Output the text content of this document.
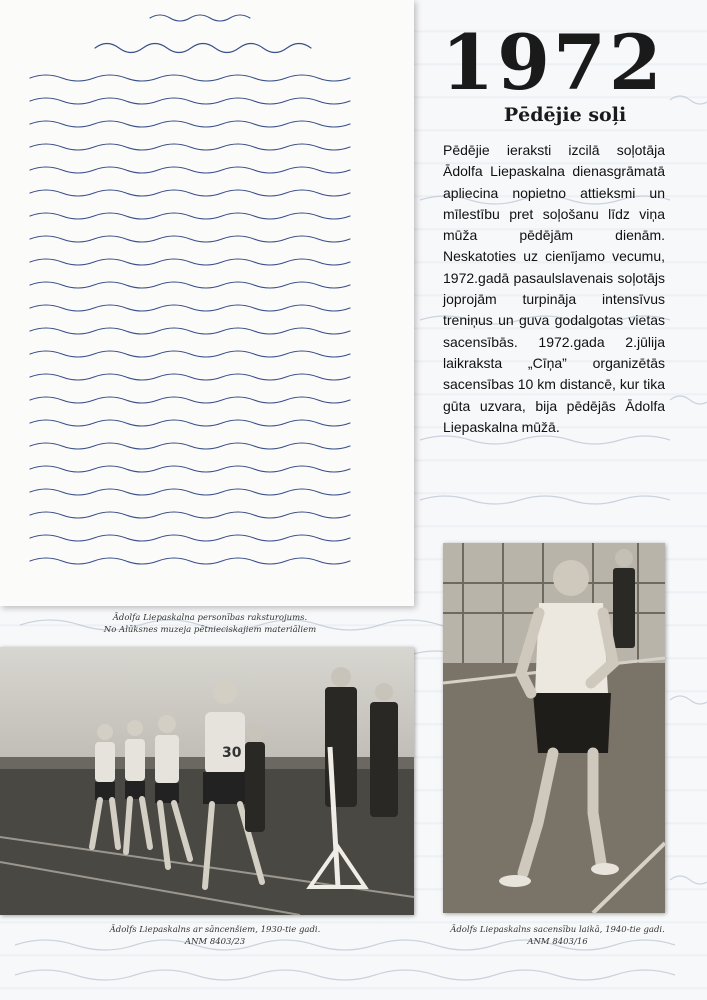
Ādolfa Liepaskalna personības raksturojums.
No Alūksnes muzeja pētnieciskajiem materiāliem
1972
Pēdējie soļi
Pēdējie ieraksti izcilā soļotāja Ādolfa Liepaskalna dienasgrāmatā apliecina nopietno attieksmi un mīlestību pret soļošanu līdz viņa mūža pēdējām dienām. Neskatoties uz cienījamo vecumu, 1972.gadā pasaulslavenais soļotājs joprojām turpināja intensīvus treniņus un guva godalgotas vietas sacensībās. 1972.gada 2.jūlija laikraksta „Cīņa” organizētās sacensības 10 km distancē, kur tika gūta uzvara, bija pēdējās Ādolfa Liepaskalna mūžā.
30
Ādolfs Liepaskalns ar sāncenšiem, 1930-tie gadi.
ANM 8403/23
Ādolfs Liepaskalns sacensību laikā, 1940-tie gadi.
ANM 8403/16
